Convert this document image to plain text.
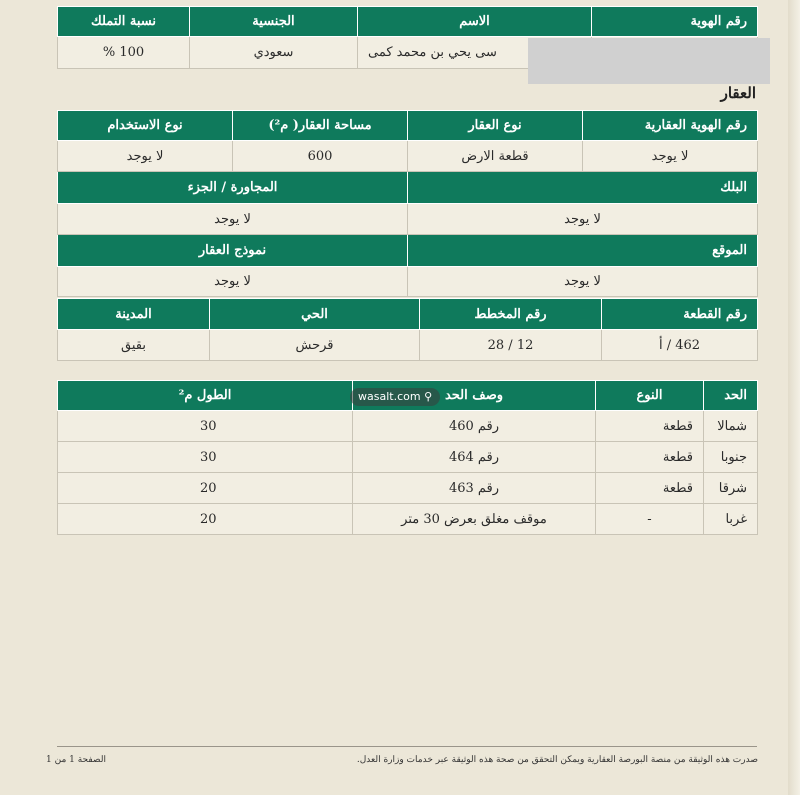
رقم الهوية	الاسم	الجنسية	نسبة التملك
	سى يحي بن محمد كمى	سعودي	100 %
العقار
رقم الهوية العقارية	نوع العقار	مساحة العقار( م²)	نوع الاستخدام
لا يوجد	قطعة الارض	600	لا يوجد
البلك		المجاورة / الجزء	
لا يوجد		لا يوجد	
الموقع		نموذج العقار	
لا يوجد		لا يوجد	
رقم القطعة	رقم المخطط	الحي	المدينة
462 / أ	12 / 28	قرحش	بقيق
الحد	النوع	وصف الحد	الطول م²
شمالا	قطعة	رقم 460	30
جنوبا	قطعة	رقم 464	30
شرقا	قطعة	رقم 463	20
غربا	-	موقف مغلق بعرض 30 متر	20
wasalt.com ⚲
صدرت هذه الوثيقة من منصة البورصة العقارية ويمكن التحقق من صحة هذه الوثيقة عبر خدمات وزارة العدل.
الصفحة 1 من 1
